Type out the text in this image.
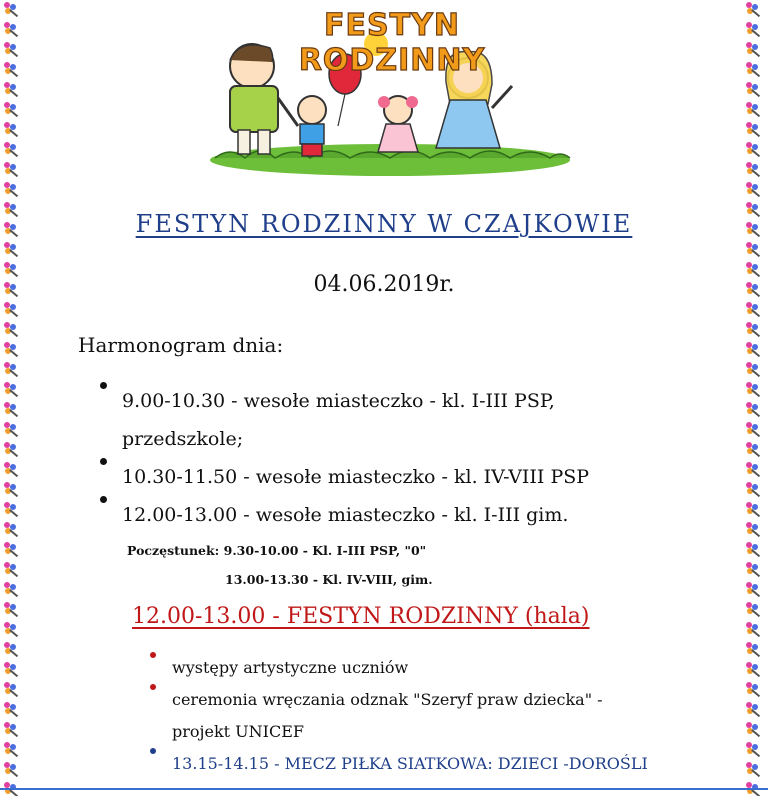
FESTYN RODZINNY
FESTYN RODZINNY W CZAJKOWIE
04.06.2019r.
Harmonogram dnia:
9.00-10.30 - wesołe miasteczko - kl. I-III PSP,
przedszkole;
10.30-11.50 - wesołe miasteczko - kl. IV-VIII PSP
12.00-13.00 - wesołe miasteczko - kl. I-III gim.
Poczęstunek: 9.30-10.00 - Kl. I-III PSP, "0"
13.00-13.30 - Kl. IV-VIII, gim.
12.00-13.00 - FESTYN RODZINNY (hala)
występy artystyczne uczniów
ceremonia wręczania odznak "Szeryf praw dziecka" -
projekt UNICEF
13.15-14.15 - MECZ PIŁKA SIATKOWA: DZIECI -DOROŚLI
